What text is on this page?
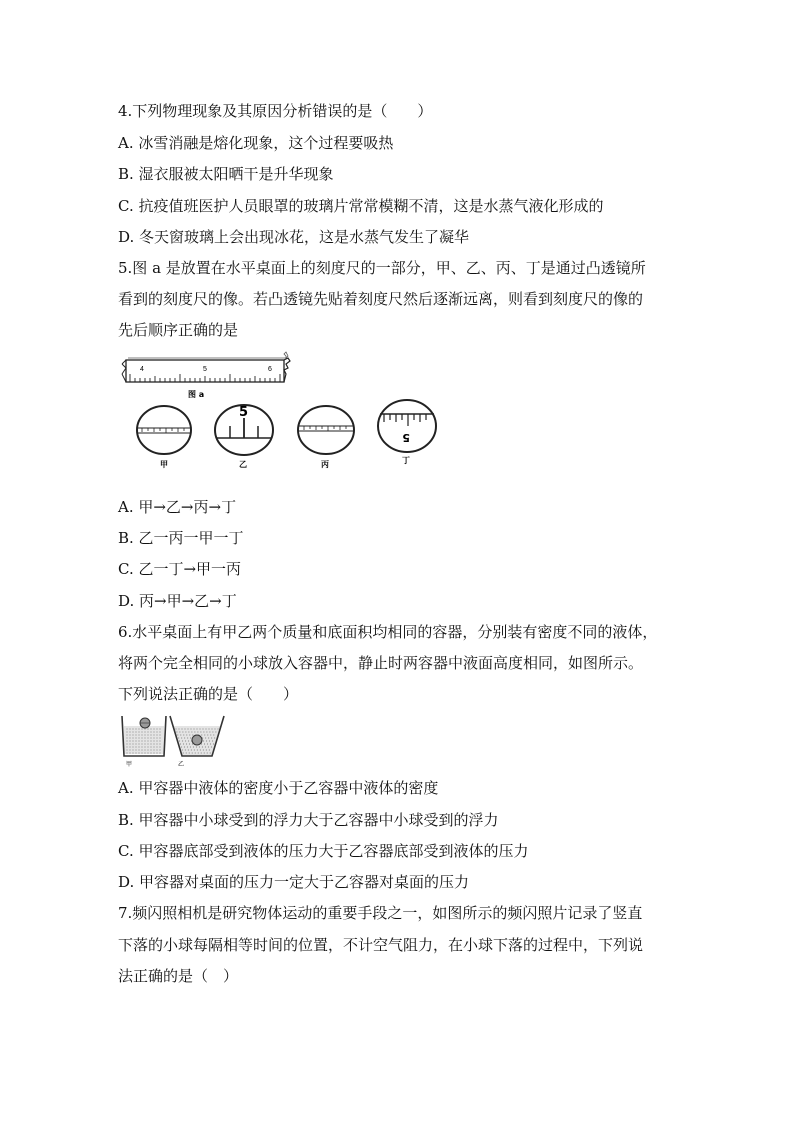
4.下列物理现象及其原因分析错误的是（　　）
A. 冰雪消融是熔化现象，这个过程要吸热
B. 湿衣服被太阳晒干是升华现象
C. 抗疫值班医护人员眼罩的玻璃片常常模糊不清，这是水蒸气液化形成的
D. 冬天窗玻璃上会出现冰花，这是水蒸气发生了凝华
5.图 a 是放置在水平桌面上的刻度尺的一部分，甲、乙、丙、丁是通过凸透镜所
看到的刻度尺的像。若凸透镜先贴着刻度尺然后逐渐远离，则看到刻度尺的像的
先后顺序正确的是
4	5	6
图 a
甲
5
乙	丙
5
丁
A. 甲→乙→丙→丁
B. 乙一丙一甲一丁
C. 乙一丁→甲一丙
D. 丙→甲→乙→丁
6.水平桌面上有甲乙两个质量和底面积均相同的容器，分别装有密度不同的液体，
将两个完全相同的小球放入容器中，静止时两容器中液面高度相同，如图所示。
下列说法正确的是（　　）
甲	乙
A. 甲容器中液体的密度小于乙容器中液体的密度
B. 甲容器中小球受到的浮力大于乙容器中小球受到的浮力
C. 甲容器底部受到液体的压力大于乙容器底部受到液体的压力
D. 甲容器对桌面的压力一定大于乙容器对桌面的压力
7.频闪照相机是研究物体运动的重要手段之一，如图所示的频闪照片记录了竖直
下落的小球每隔相等时间的位置，不计空气阻力，在小球下落的过程中，下列说
法正确的是（　）
